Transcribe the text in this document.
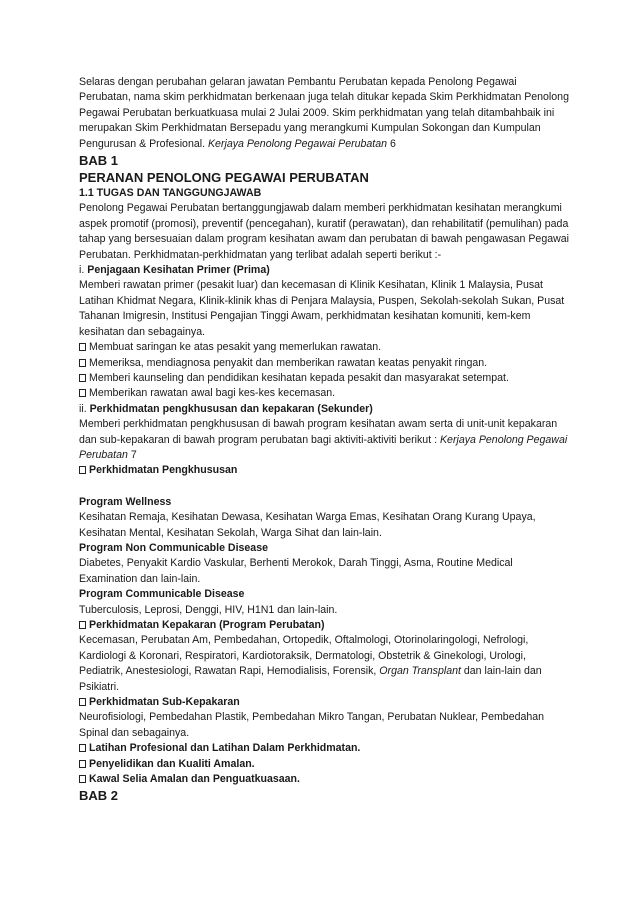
Selaras dengan perubahan gelaran jawatan Pembantu Perubatan kepada Penolong Pegawai Perubatan, nama skim perkhidmatan berkenaan juga telah ditukar kepada Skim Perkhidmatan Penolong Pegawai Perubatan berkuatkuasa mulai 2 Julai 2009. Skim perkhidmatan yang telah ditambahbaik ini merupakan Skim Perkhidmatan Bersepadu yang merangkumi Kumpulan Sokongan dan Kumpulan Pengurusan & Profesional. Kerjaya Penolong Pegawai Perubatan 6

BAB 1

PERANAN PENOLONG PEGAWAI PERUBATAN

1.1 TUGAS DAN TANGGUNGJAWAB

Penolong Pegawai Perubatan bertanggungjawab dalam memberi perkhidmatan kesihatan merangkumi aspek promotif (promosi), preventif (pencegahan), kuratif (perawatan), dan rehabilitatif (pemulihan) pada tahap yang bersesuaian dalam program kesihatan awam dan perubatan di bawah pengawasan Pegawai Perubatan. Perkhidmatan-perkhidmatan yang terlibat adalah seperti berikut :-

i. Penjagaan Kesihatan Primer (Prima)

Memberi rawatan primer (pesakit luar) dan kecemasan di Klinik Kesihatan, Klinik 1 Malaysia, Pusat Latihan Khidmat Negara, Klinik-klinik khas di Penjara Malaysia, Puspen, Sekolah-sekolah Sukan, Pusat Tahanan Imigresin, Institusi Pengajian Tinggi Awam, perkhidmatan kesihatan komuniti, kem-kem kesihatan dan sebagainya.

Membuat saringan ke atas pesakit yang memerlukan rawatan.

Memeriksa, mendiagnosa penyakit dan memberikan rawatan keatas penyakit ringan.

Memberi kaunseling dan pendidikan kesihatan kepada pesakit dan masyarakat setempat.

Memberikan rawatan awal bagi kes-kes kecemasan.

ii. Perkhidmatan pengkhususan dan kepakaran (Sekunder)

Memberi perkhidmatan pengkhususan di bawah program kesihatan awam serta di unit-unit kepakaran dan sub-kepakaran di bawah program perubatan bagi aktiviti-aktiviti berikut : Kerjaya Penolong Pegawai Perubatan 7

Perkhidmatan Pengkhususan

Program Wellness

Kesihatan Remaja, Kesihatan Dewasa, Kesihatan Warga Emas, Kesihatan Orang Kurang Upaya, Kesihatan Mental, Kesihatan Sekolah, Warga Sihat dan lain-lain.

Program Non Communicable Disease

Diabetes, Penyakit Kardio Vaskular, Berhenti Merokok, Darah Tinggi, Asma, Routine Medical Examination dan lain-lain.

Program Communicable Disease

Tuberculosis, Leprosi, Denggi, HIV, H1N1 dan lain-lain.

Perkhidmatan Kepakaran (Program Perubatan)

Kecemasan, Perubatan Am, Pembedahan, Ortopedik, Oftalmologi, Otorinolaringologi, Nefrologi, Kardiologi & Koronari, Respiratori, Kardiotoraksik, Dermatologi, Obstetrik & Ginekologi, Urologi, Pediatrik, Anestesiologi, Rawatan Rapi, Hemodialisis, Forensik, Organ Transplant dan lain-lain dan Psikiatri.

Perkhidmatan Sub-Kepakaran

Neurofisiologi, Pembedahan Plastik, Pembedahan Mikro Tangan, Perubatan Nuklear, Pembedahan Spinal dan sebagainya.

Latihan Profesional dan Latihan Dalam Perkhidmatan.

Penyelidikan dan Kualiti Amalan.

Kawal Selia Amalan dan Penguatkuasaan.

BAB 2
